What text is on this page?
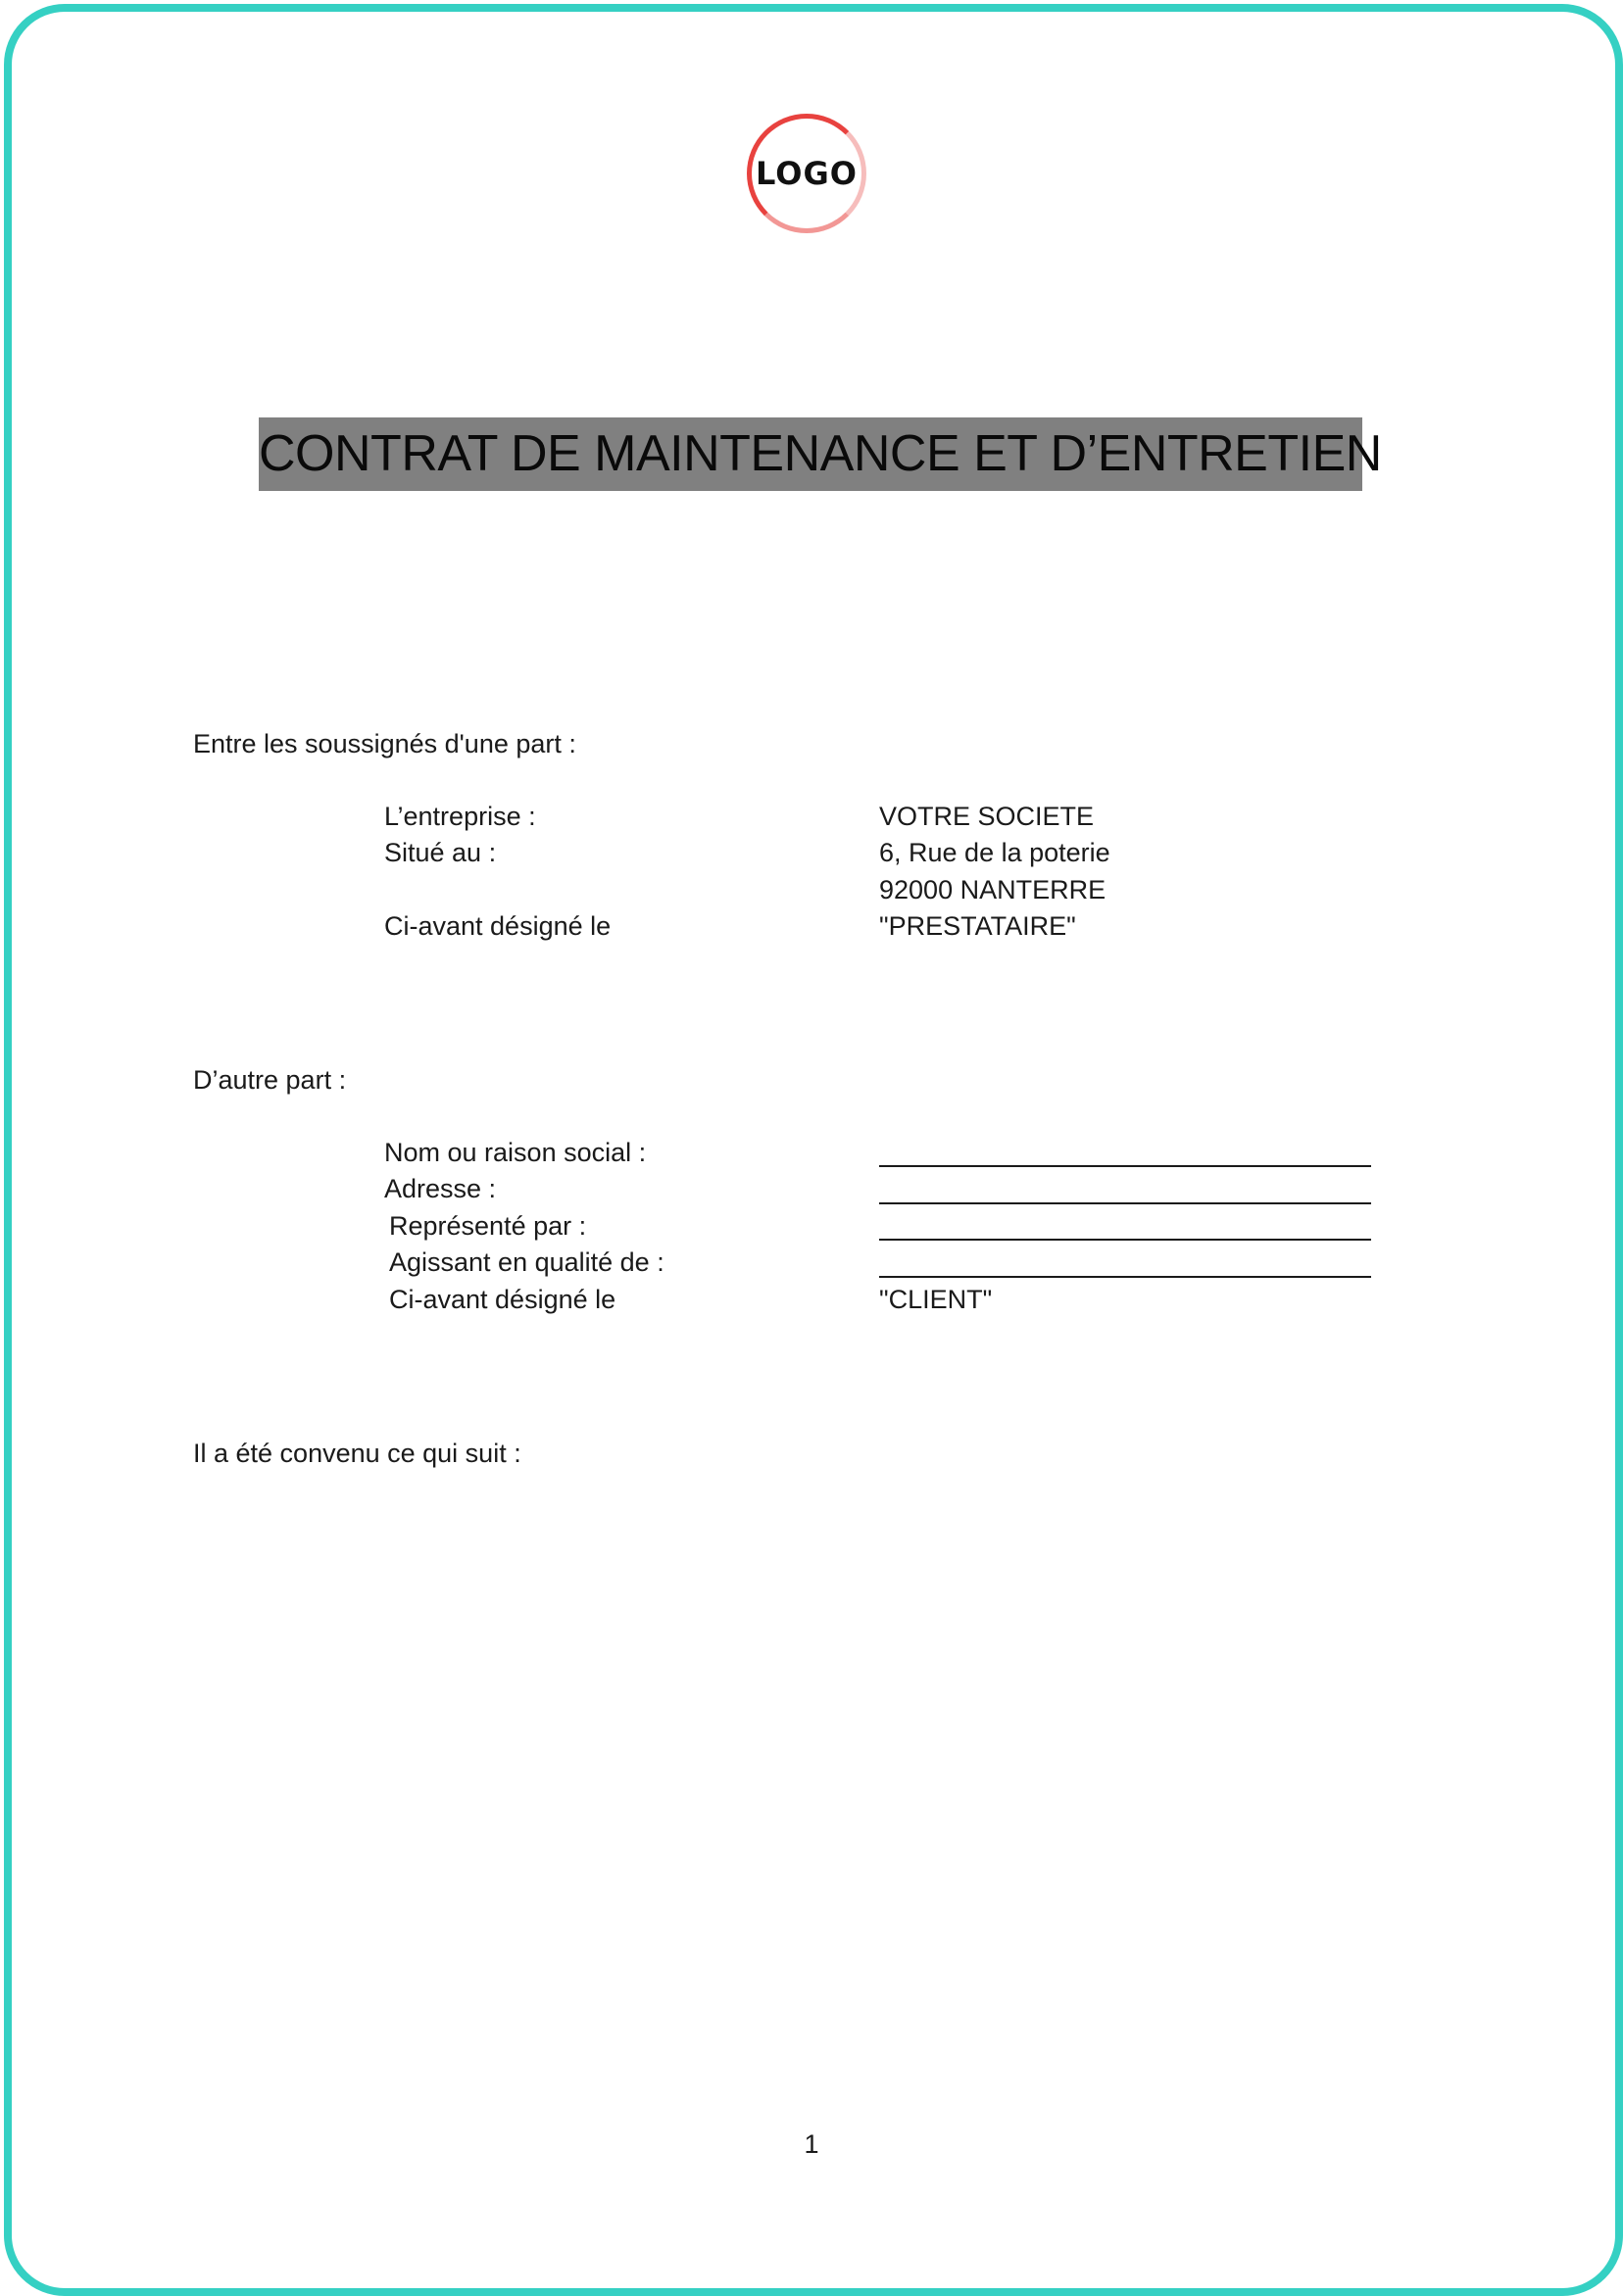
LOGO
CONTRAT DE MAINTENANCE ET D’ENTRETIEN
Entre les soussignés d'une part :
L’entreprise :	VOTRE SOCIETE
Situé au :	6, Rue de la poterie
92000 NANTERRE
Ci-avant désigné le	"PRESTATAIRE"
D’autre part :
Nom ou raison social :
Adresse :
Représenté par :
Agissant en qualité de :
Ci-avant désigné le	"CLIENT"
Il a été convenu ce qui suit :
1
